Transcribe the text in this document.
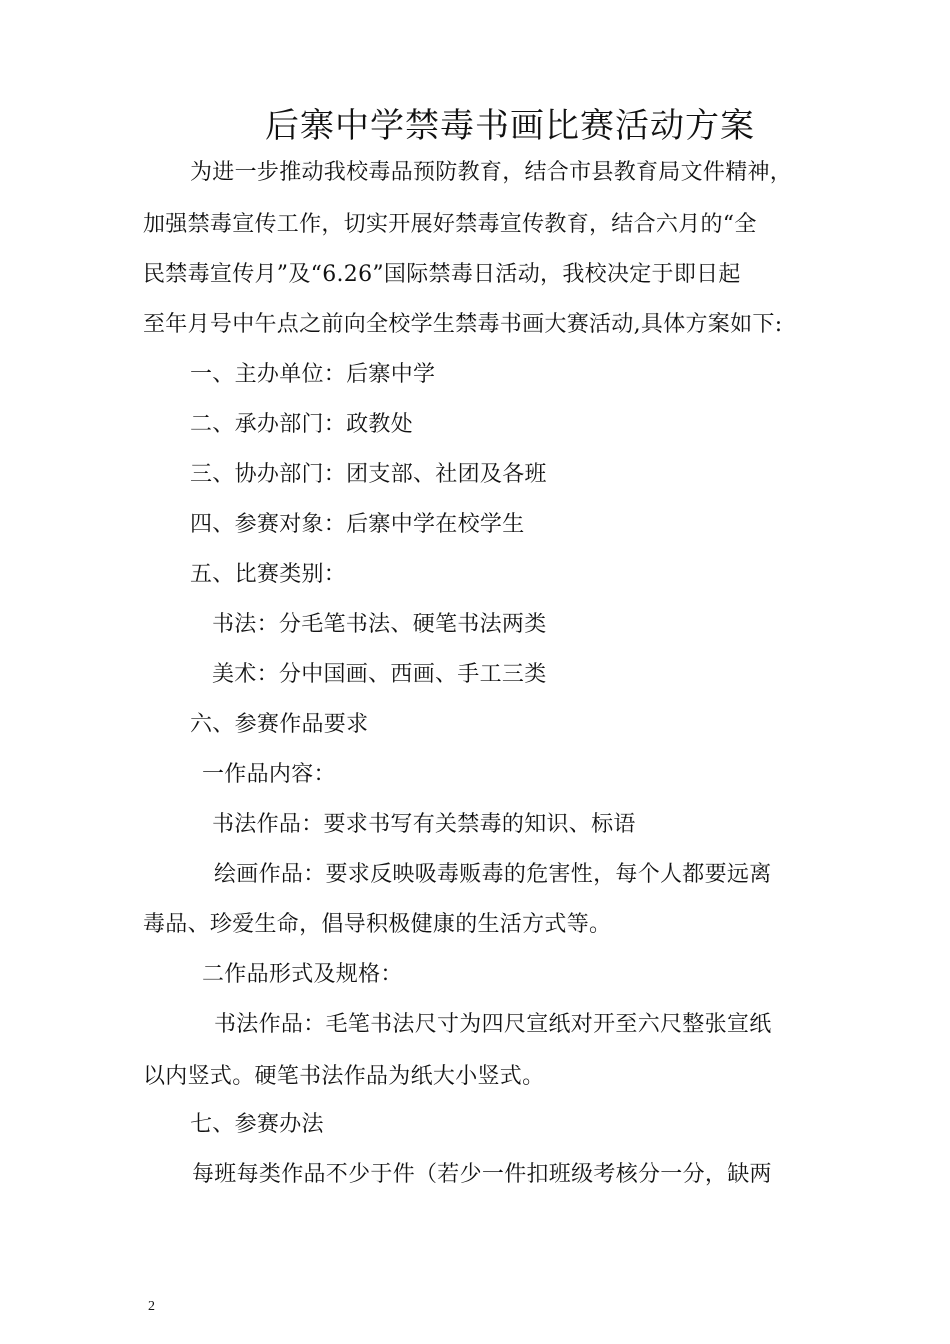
后寨中学禁毒书画比赛活动方案
为进一步推动我校毒品预防教育，结合市县教育局文件精神，
加强禁毒宣传工作，切实开展好禁毒宣传教育，结合六月的“全
民禁毒宣传月”及“6.26”国际禁毒日活动，我校决定于即日起
至年月号中午点之前向全校学生禁毒书画大赛活动,具体方案如下:
一、主办单位：后寨中学
二、承办部门：政教处
三、协办部门：团支部、社团及各班
四、参赛对象：后寨中学在校学生
五、比赛类别：
书法：分毛笔书法、硬笔书法两类
美术：分中国画、西画、手工三类
六、参赛作品要求
一作品内容：
书法作品：要求书写有关禁毒的知识、标语
绘画作品：要求反映吸毒贩毒的危害性，每个人都要远离
毒品、珍爱生命，倡导积极健康的生活方式等。
二作品形式及规格：
书法作品：毛笔书法尺寸为四尺宣纸对开至六尺整张宣纸
以内竖式。硬笔书法作品为纸大小竖式。
七、参赛办法
每班每类作品不少于件（若少一件扣班级考核分一分，缺两
2
